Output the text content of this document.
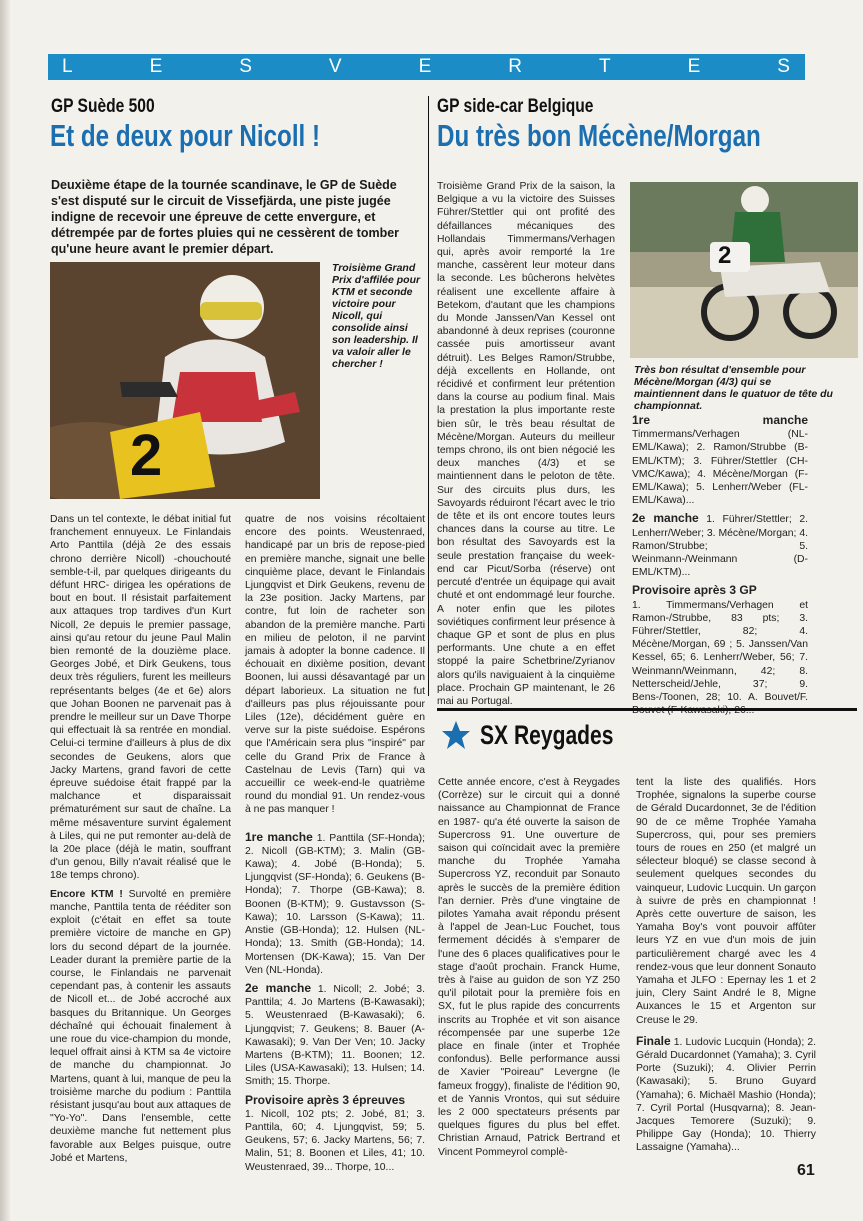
L	E	S	V	E	R	T	E	S
GP Suède 500
Et de deux pour Nicoll !
GP side-car Belgique
Du très bon Mécène/Morgan
Deuxième étape de la tournée scandinave, le GP de Suède s'est disputé sur le circuit de Vissefjärda, une piste jugée indigne de recevoir une épreuve de cette envergure, et détrempée par de fortes pluies qui ne cessèrent de tomber qu'une heure avant le premier départ.
2
Troisième Grand Prix d'affilée pour KTM et seconde victoire pour Nicoll, qui consolide ainsi son leadership. Il va valoir aller le chercher !

Dans un tel contexte, le débat initial fut franchement ennuyeux. Le Finlandais Arto Panttila (déjà 2e des essais chrono derrière Nicoll) -chouchouté semble-t-il, par quelques dirigeants du défunt HRC- dirigea les opérations de bout en bout. Il résistait parfaitement aux attaques trop tardives d'un Kurt Nicoll, 2e depuis le premier passage, ainsi qu'au retour du jeune Paul Malin bien remonté de la douzième place. Georges Jobé, et Dirk Geukens, tous deux très réguliers, furent les meilleurs représentants belges (4e et 6e) alors que Johan Boonen ne parvenait pas à prendre le meilleur sur un Dave Thorpe qui effectuait là sa rentrée en mondial. Celui-ci termine d'ailleurs à plus de dix secondes de Geukens, alors que Jacky Martens, grand favori de cette épreuve suédoise était frappé par la malchance et disparaissait prématurément sur saut de chaîne. La même mésaventure survint également à Liles, qui ne put remonter au-delà de la 20e place (déjà le matin, souffrant d'un genou, Billy n'avait réalisé que le 18e temps chrono).

Encore KTM ! Survolté en première manche, Panttila tenta de rééditer son exploit (c'était en effet sa toute première victoire de manche en GP) lors du second départ de la journée. Leader durant la première partie de la course, le Finlandais ne parvenait cependant pas, à contenir les assauts de Nicoll et... de Jobé accroché aux basques du Britannique. Un Georges déchaîné qui échouait finalement à une roue du vice-champion du monde, lequel offrait ainsi à KTM sa 4e victoire de manche du championnat. Jo Martens, quant à lui, manque de peu la troisième marche du podium : Panttila résistant jusqu'au bout aux attaques de "Yo-Yo". Dans l'ensemble, cette deuxième manche fut nettement plus favorable aux Belges puisque, outre Jobé et Martens,

quatre de nos voisins récoltaient encore des points. Weustenraed, handicapé par un bris de repose-pied en première manche, signait une belle cinquième place, devant le Finlandais Ljungqvist et Dirk Geukens, revenu de la 23e position. Jacky Martens, par contre, fut loin de racheter son abandon de la première manche. Parti en milieu de peloton, il ne parvint jamais à adopter la bonne cadence. Il échouait en dixième position, devant Boonen, lui aussi désavantagé par un départ laborieux. La situation ne fut d'ailleurs pas plus réjouissante pour Liles (12e), décidément guère en verve sur la piste suédoise. Espérons que l'Américain sera plus "inspiré" par celle du Grand Prix de France à Castelnau de Levis (Tarn) qui va accueillir ce week-end-le quatrième round du mondial 91. Un rendez-vous à ne pas manquer !

1re manche 1. Panttila (SF-Honda); 2. Nicoll (GB-KTM); 3. Malin (GB-Kawa); 4. Jobé (B-Honda); 5. Ljungqvist (SF-Honda); 6. Geukens (B-Honda); 7. Thorpe (GB-Kawa); 8. Boonen (B-KTM); 9. Gustavsson (S-Kawa); 10. Larsson (S-Kawa); 11. Anstie (GB-Honda); 12. Hulsen (NL-Honda); 13. Smith (GB-Honda); 14. Mortensen (DK-Kawa); 15. Van Der Ven (NL-Honda).

2e manche 1. Nicoll; 2. Jobé; 3. Panttila; 4. Jo Martens (B-Kawasaki); 5. Weustenraed (B-Kawasaki); 6. Ljungqvist; 7. Geukens; 8. Bauer (A-Kawasaki); 9. Van Der Ven; 10. Jacky Martens (B-KTM); 11. Boonen; 12. Liles (USA-Kawasaki); 13. Hulsen; 14. Smith; 15. Thorpe.

Provisoire après 3 épreuves
1. Nicoll, 102 pts; 2. Jobé, 81; 3. Panttila, 60; 4. Ljungqvist, 59; 5. Geukens, 57; 6. Jacky Martens, 56; 7. Malin, 51; 8. Boonen et Liles, 41; 10. Weustenraed, 39... Thorpe, 10...

Troisième Grand Prix de la saison, la Belgique a vu la victoire des Suisses Führer/Stettler qui ont profité des défaillances mécaniques des Hollandais Timmermans/Verhagen qui, après avoir remporté la 1re manche, cassèrent leur moteur dans la seconde. Les bûcherons helvètes réalisent une excellente affaire à Betekom, d'autant que les champions du Monde Janssen/Van Kessel ont abandonné à deux reprises (couronne cassée puis amortisseur avant détruit). Les Belges Ramon/Strubbe, déjà excellents en Hollande, ont récidivé et confirment leur prétention dans la course au podium final. Mais la prestation la plus importante reste bien sûr, le très beau résultat de Mécène/Morgan. Auteurs du meilleur temps chrono, ils ont bien négocié les deux manches (4/3) et se maintiennent dans le peloton de tête. Sur des circuits plus durs, les Savoyards réduiront l'écart avec le trio de tête et ils ont encore toutes leurs chances dans la course au titre. Le bon résultat des Savoyards est la seule prestation française du week-end car Picut/Sorba (réserve) ont percuté d'entrée un équipage qui avait chuté et ont endommagé leur fourche. A noter enfin que les pilotes soviétiques confirment leur présence à chaque GP et sont de plus en plus performants. Une chute a en effet stoppé la paire Schetbrine/Zyrianov alors qu'ils naviguaient à la cinquième place. Prochain GP maintenant, le 26 mai au Portugal.

2
Très bon résultat d'ensemble pour Mécène/Morgan (4/3) qui se maintiennent dans le quatuor de tête du championnat.

1re manche Timmermans/Verhagen (NL-EML/Kawa); 2. Ramon/Strubbe (B-EML/KTM); 3. Führer/Stettler (CH-VMC/Kawa); 4. Mécène/Morgan (F-EML/Kawa); 5. Lenherr/Weber (FL-EML/Kawa)...

2e manche 1. Führer/Stettler; 2. Lenherr/Weber; 3. Mécène/Morgan; 4. Ramon/Strubbe; 5. Weinmann-/Weinmann (D-EML/KTM)...

Provisoire après 3 GP
1. Timmermans/Verhagen et Ramon-/Strubbe, 83 pts; 3. Führer/Stettler, 82; 4. Mécène/Morgan, 69 ; 5. Janssen/Van Kessel, 65; 6. Lenherr/Weber, 56; 7. Weinmann/Weinmann, 42; 8. Netterscheid/Jehle, 37; 9. Bens-/Toonen, 28; 10. A. Bouvet/F.

SX Reygades

Cette année encore, c'est à Reygades (Corrèze) sur le circuit qui a donné naissance au Championnat de France en 1987- qu'a été ouverte la saison de Supercross 91. Une ouverture de saison qui coïncidait avec la première manche du Trophée Yamaha Supercross YZ, reconduit par Sonauto après le succès de la première édition l'an dernier. Près d'une vingtaine de pilotes Yamaha avait répondu présent à l'appel de Jean-Luc Fouchet, tous fermement décidés à s'emparer de l'une des 6 places qualificatives pour le stage d'août prochain. Franck Hume, très à l'aise au guidon de son YZ 250 qu'il pilotait pour la première fois en SX, fut le plus rapide des concurrents inscrits au Trophée et vit son aisance récompensée par une superbe 12e place en finale (inter et Trophée confondus). Belle performance aussi de Xavier "Poireau" Levergne (le fameux froggy), finaliste de l'édition 90, et de Yannis Vrontos, qui sut séduire les 2 000 spectateurs présents par quelques figures du plus bel effet. Christian Arnaud, Patrick Bertrand et Vincent Pommeyrol complè-

tent la liste des qualifiés. Hors Trophée, signalons la superbe course de Gérald Ducardonnet, 3e de l'édition 90 de ce même Trophée Yamaha Supercross, qui, pour ses premiers tours de roues en 250 (et malgré un sélecteur bloqué) se classe second à seulement quelques secondes du vainqueur, Ludovic Lucquin. Un garçon à suivre de près en championnat ! Après cette ouverture de saison, les Yamaha Boy's vont pouvoir affûter leurs YZ en vue d'un mois de juin particulièrement chargé avec les 4 rendez-vous que leur donnent Sonauto Yamaha et JLFO : Epernay les 1 et 2 juin, Clery Saint André le 8, Migne Auxances le 15 et Argenton sur Creuse le 29.

Finale 1. Ludovic Lucquin (Honda); 2. Gérald Ducardonnet (Yamaha); 3. Cyril Porte (Suzuki); 4. Olivier Perrin (Kawasaki); 5. Bruno Guyard (Yamaha); 6. Michaël Mashio (Honda); 7. Cyril Portal (Husqvarna); 8. Jean-Jacques Temorere (Suzuki); 9. Philippe Gay (Honda); 10. Thierry Lassaigne (Yamaha)...

61
